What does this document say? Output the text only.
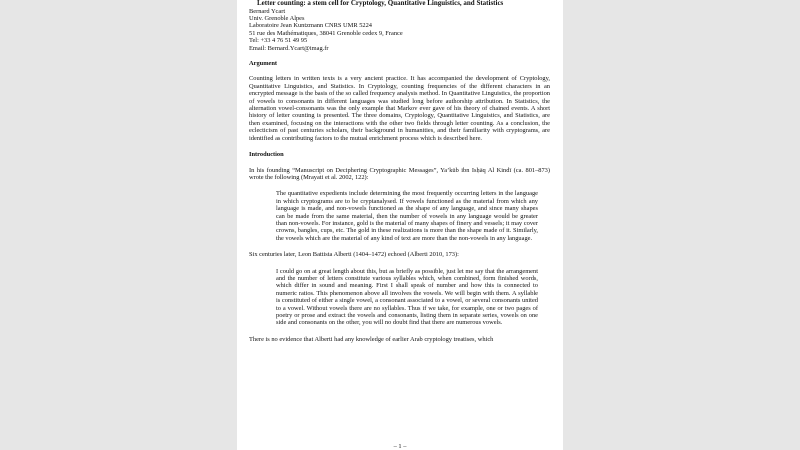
Letter counting: a stem cell for Cryptology, Quantitative Linguistics, and Statistics
Bernard Ycart
Univ. Grenoble Alpes
Laboratoire Jean Kuntzmann CNRS UMR 5224
51 rue des Mathématiques, 38041 Grenoble cedex 9, France
Tel: +33 4 76 51 49 95
Email: Bernard.Ycart@imag.fr
Argument

Counting letters in written texts is a very ancient practice. It has accompanied the development of Cryptology, Quantitative Linguistics, and Statistics. In Cryptology, counting frequencies of the different characters in an encrypted message is the basis of the so called frequency analysis method. In Quantitative Linguistics, the proportion of vowels to consonants in different languages was studied long before authorship attribution. In Statistics, the alternation vowel-consonants was the only example that Markov ever gave of his theory of chained events. A short history of letter counting is presented. The three domains, Cryptology, Quantitative Linguistics, and Statistics, are then examined, focusing on the interactions with the other two fields through letter counting. As a conclusion, the eclecticism of past centuries scholars, their background in humanities, and their familiarity with cryptograms, are identified as contributing factors to the mutual enrichment process which is described here.

Introduction

In his founding “Manuscript on Deciphering Cryptographic Messages”, Ya’kūb ibn Isḥāq Al Kindī (ca. 801–873) wrote the following (Mrayati et al. 2002, 122):

The quantitative expedients include determining the most frequently occurring letters in the language in which cryptograms are to be cryptanalysed. If vowels functioned as the material from which any language is made, and non-vowels functioned as the shape of any language, and since many shapes can be made from the same material, then the number of vowels in any language would be greater than non-vowels. For instance, gold is the material of many shapes of finery and vessels; it may cover crowns, bangles, cups, etc. The gold in these realizations is more than the shape made of it. Similarly, the vowels which are the material of any kind of text are more than the non-vowels in any language.

Six centuries later, Leon Battista Alberti (1404–1472) echoed (Alberti 2010, 173):

I could go on at great length about this, but as briefly as possible, just let me say that the arrangement and the number of letters constitute various syllables which, when combined, form finished words, which differ in sound and meaning. First I shall speak of number and how this is connected to numeric ratios. This phenomenon above all involves the vowels. We will begin with them. A syllable is constituted of either a single vowel, a consonant associated to a vowel, or several consonants united to a vowel. Without vowels there are no syllables. Thus if we take, for example, one or two pages of poetry or prose and extract the vowels and consonants, listing them in separate series, vowels on one side and consonants on the other, you will no doubt find that there are numerous vowels.

There is no evidence that Alberti had any knowledge of earlier Arab cryptology treatises, which

– 1 –
